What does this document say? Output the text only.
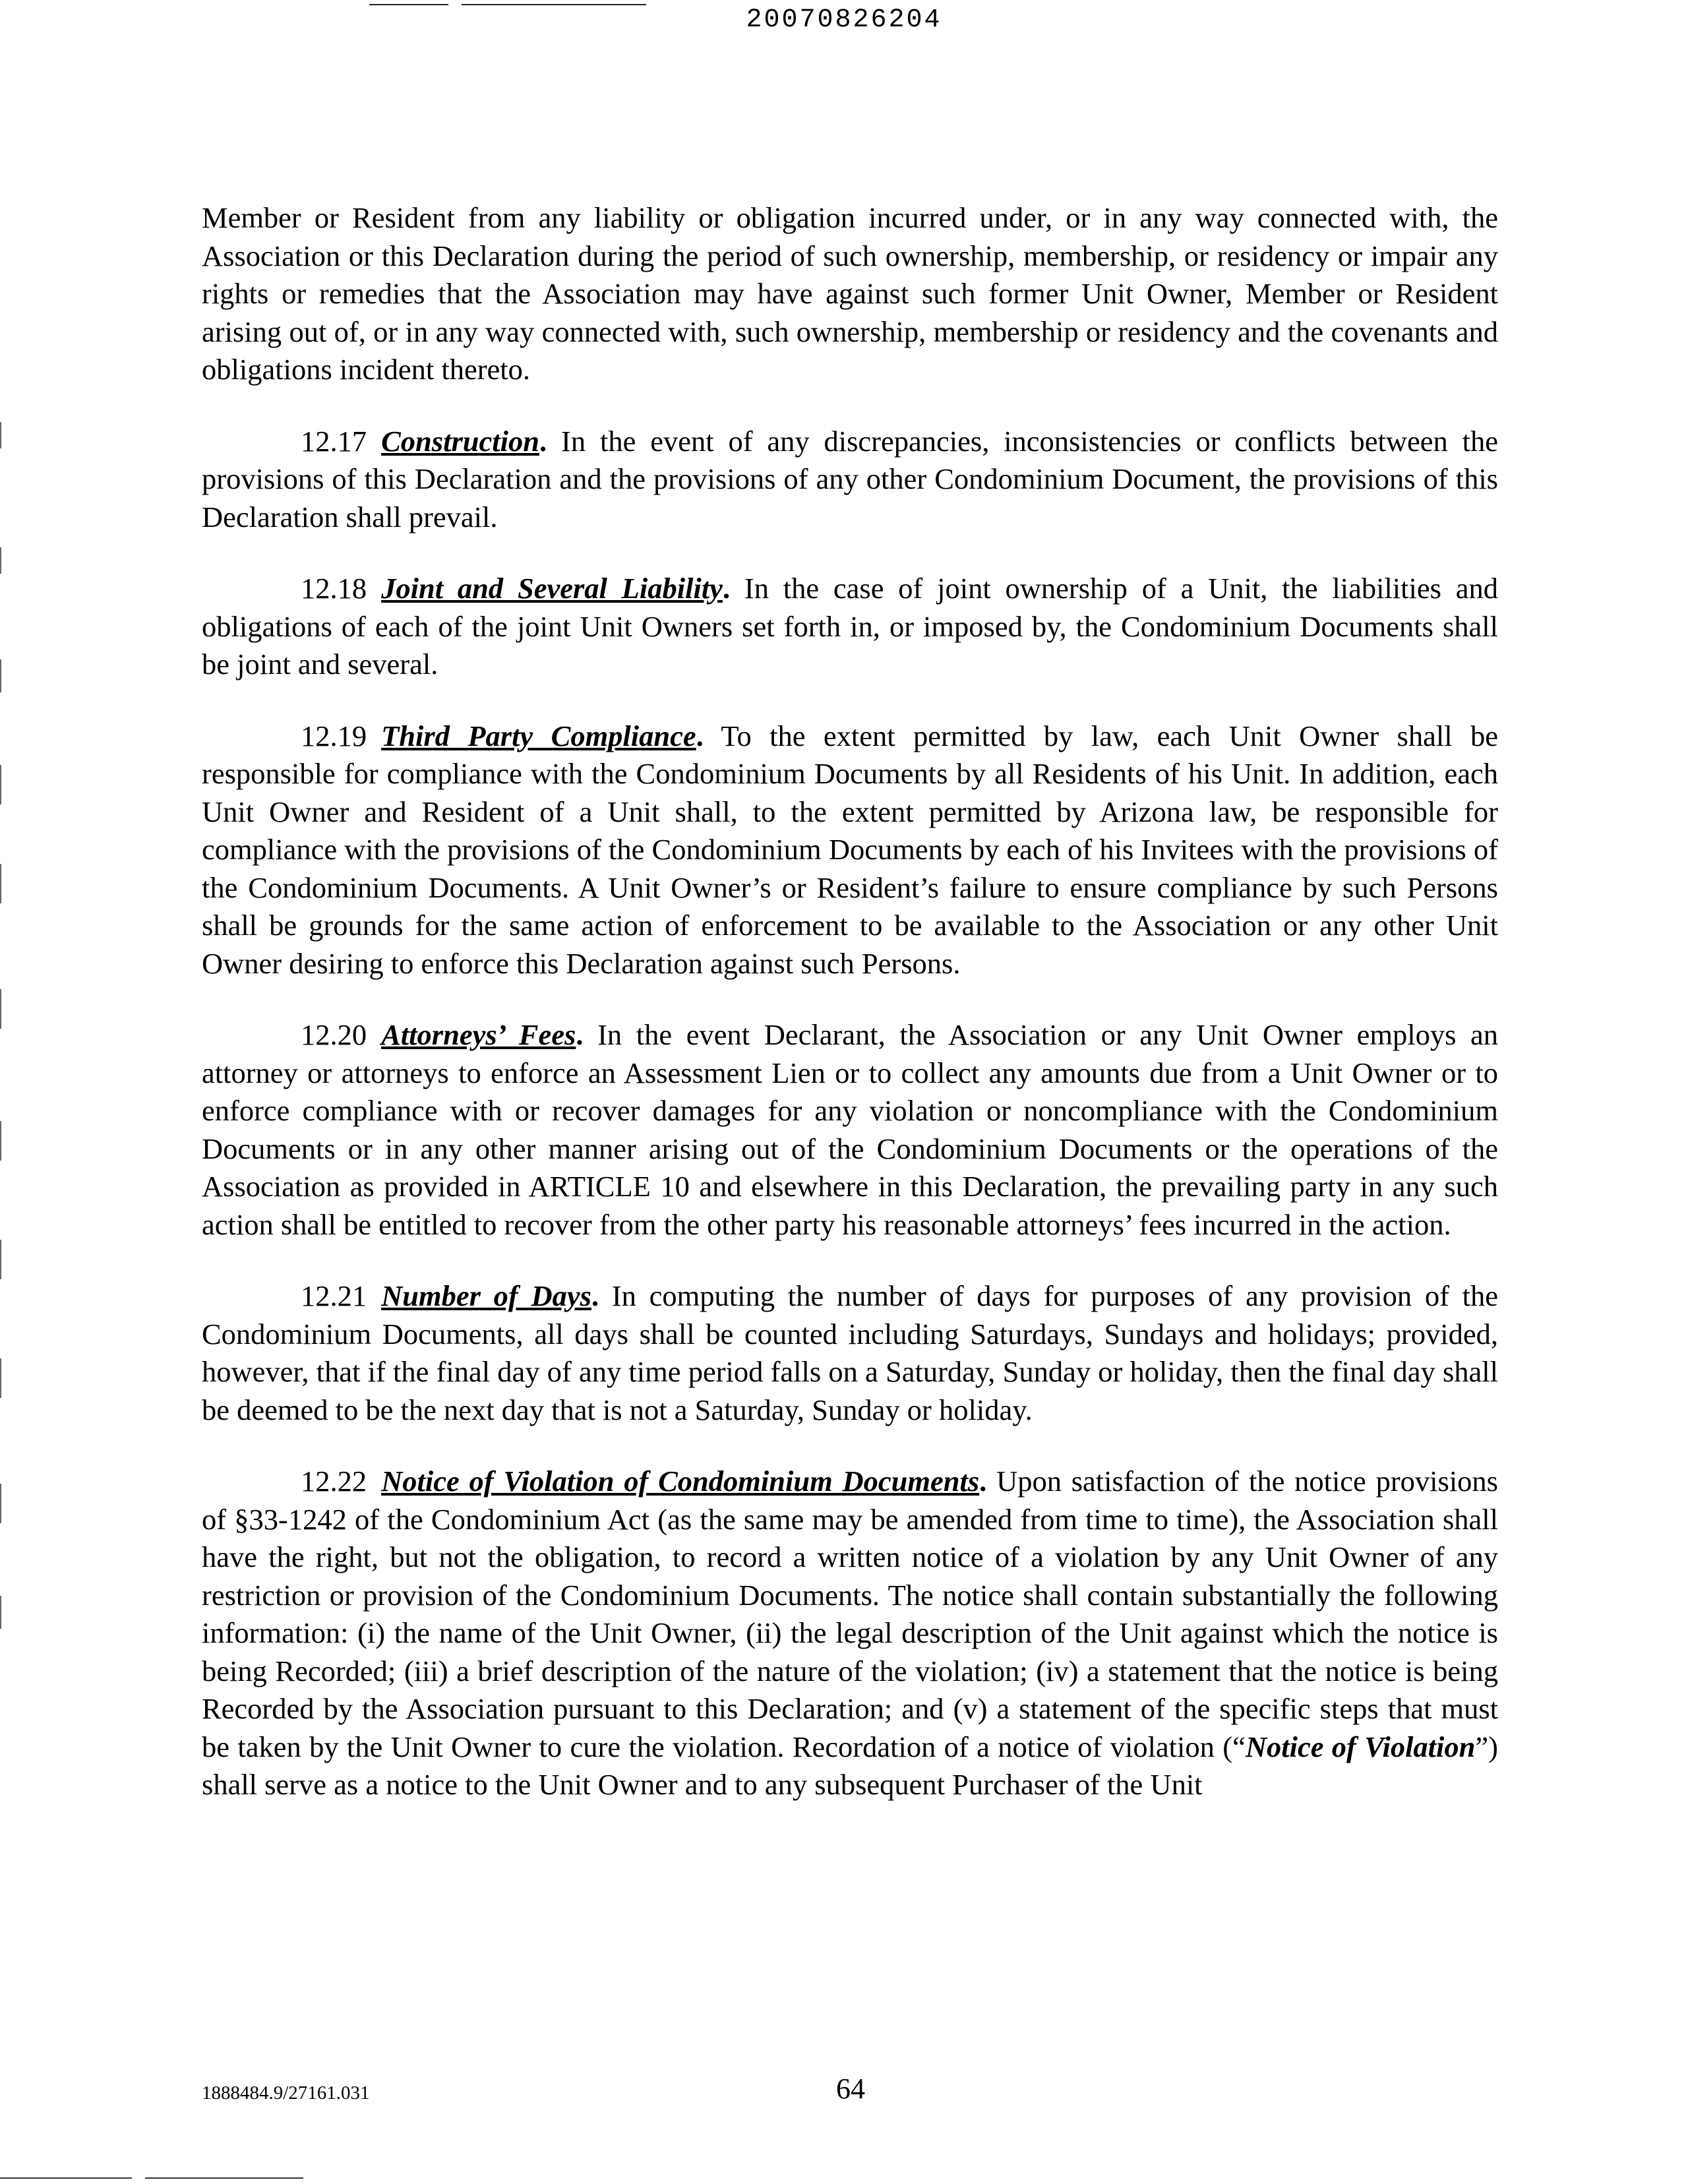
20070826204

Member or Resident from any liability or obligation incurred under, or in any way connected with, the Association or this Declaration during the period of such ownership, membership, or residency or impair any rights or remedies that the Association may have against such former Unit Owner, Member or Resident arising out of, or in any way connected with, such ownership, membership or residency and the covenants and obligations incident thereto.

12.17 Construction. In the event of any discrepancies, inconsistencies or conflicts between the provisions of this Declaration and the provisions of any other Condominium Document, the provisions of this Declaration shall prevail.

12.18 Joint and Several Liability. In the case of joint ownership of a Unit, the liabilities and obligations of each of the joint Unit Owners set forth in, or imposed by, the Condominium Documents shall be joint and several.

12.19 Third Party Compliance. To the extent permitted by law, each Unit Owner shall be responsible for compliance with the Condominium Documents by all Residents of his Unit. In addition, each Unit Owner and Resident of a Unit shall, to the extent permitted by Arizona law, be responsible for compliance with the provisions of the Condominium Documents by each of his Invitees with the provisions of the Condominium Documents. A Unit Owner’s or Resident’s failure to ensure compliance by such Persons shall be grounds for the same action of enforcement to be available to the Association or any other Unit Owner desiring to enforce this Declaration against such Persons.

12.20 Attorneys’ Fees. In the event Declarant, the Association or any Unit Owner employs an attorney or attorneys to enforce an Assessment Lien or to collect any amounts due from a Unit Owner or to enforce compliance with or recover damages for any violation or noncompliance with the Condominium Documents or in any other manner arising out of the Condominium Documents or the operations of the Association as provided in ARTICLE 10 and elsewhere in this Declaration, the prevailing party in any such action shall be entitled to recover from the other party his reasonable attorneys’ fees incurred in the action.

12.21 Number of Days. In computing the number of days for purposes of any provision of the Condominium Documents, all days shall be counted including Saturdays, Sundays and holidays; provided, however, that if the final day of any time period falls on a Saturday, Sunday or holiday, then the final day shall be deemed to be the next day that is not a Saturday, Sunday or holiday.

12.22 Notice of Violation of Condominium Documents. Upon satisfaction of the notice provisions of §33-1242 of the Condominium Act (as the same may be amended from time to time), the Association shall have the right, but not the obligation, to record a written notice of a violation by any Unit Owner of any restriction or provision of the Condominium Documents. The notice shall contain substantially the following information: (i) the name of the Unit Owner, (ii) the legal description of the Unit against which the notice is being Recorded; (iii) a brief description of the nature of the violation; (iv) a statement that the notice is being Recorded by the Association pursuant to this Declaration; and (v) a statement of the specific steps that must be taken by the Unit Owner to cure the violation. Recordation of a notice of violation (“Notice of Violation”) shall serve as a notice to the Unit Owner and to any subsequent Purchaser of the Unit

1888484.9/27161.031	64
